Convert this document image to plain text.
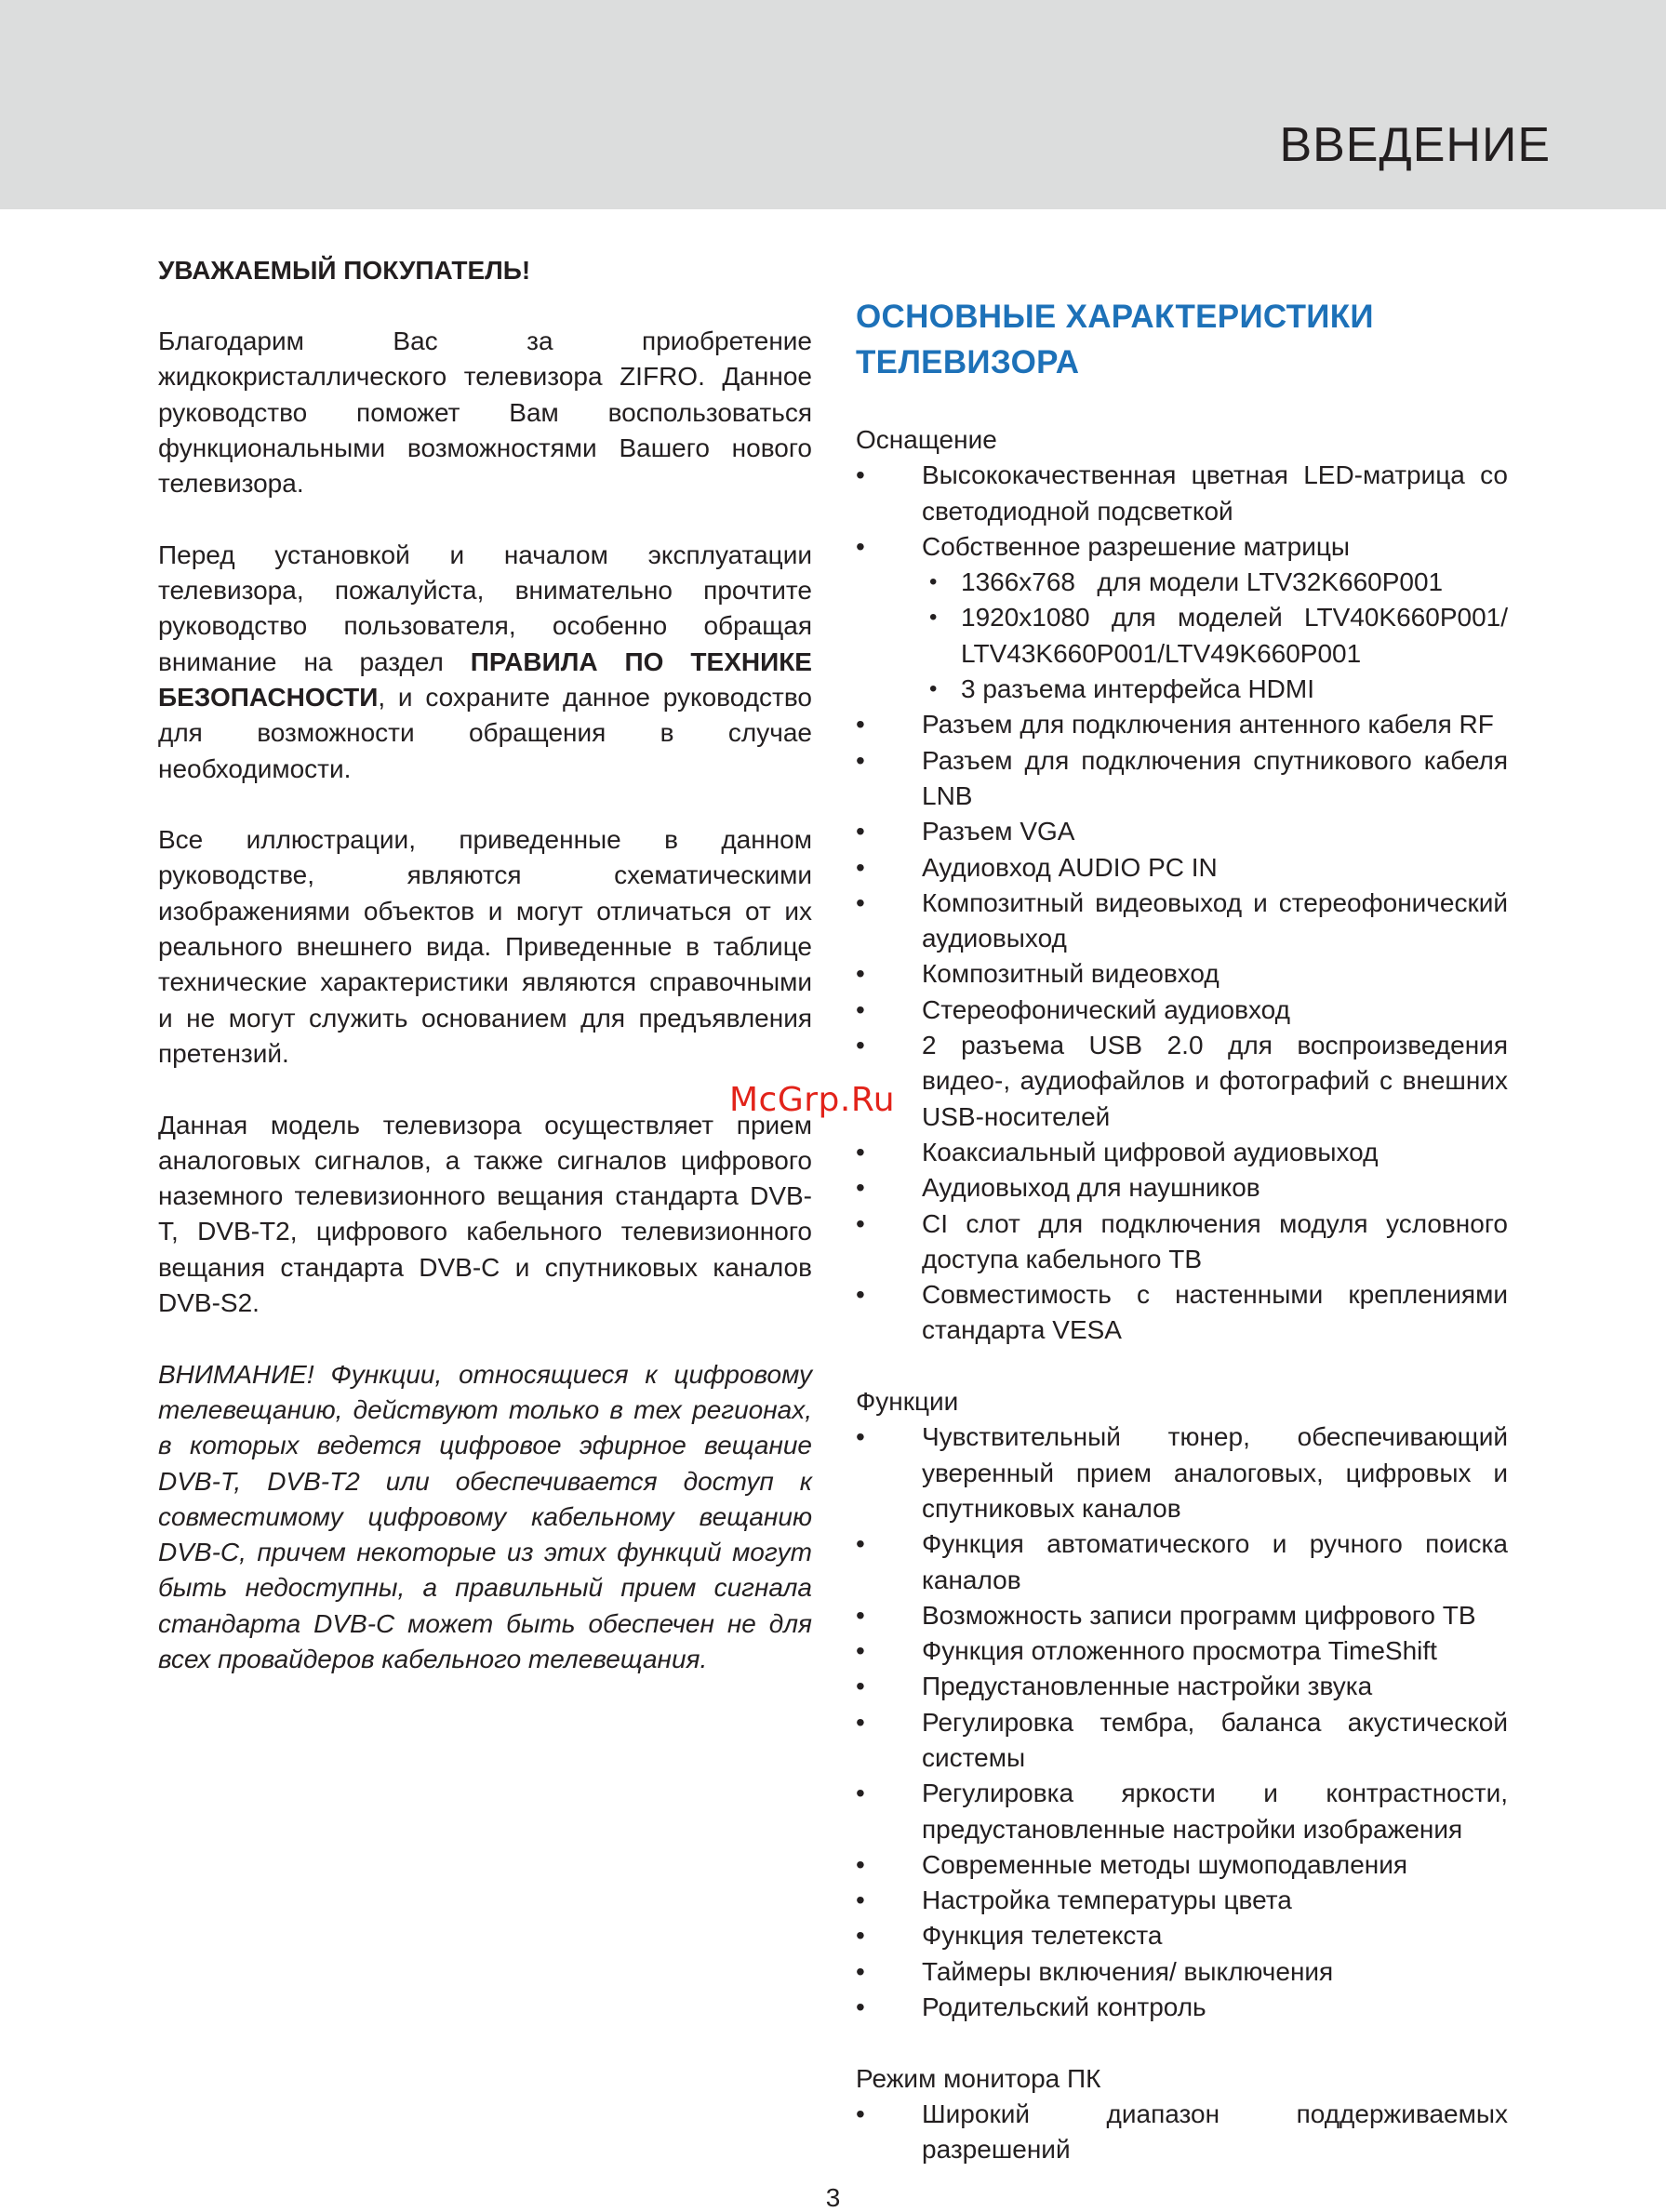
ВВЕДЕНИЕ

УВАЖАЕМЫЙ ПОКУПАТЕЛЬ!

Благодарим Вас за приобретение жидкокристаллического телевизора ZIFRO. Данное руководство поможет Вам воспользоваться функциональными возможностями Вашего нового телевизора.

Перед установкой и началом эксплуатации телевизора, пожалуйста, внимательно прочтите руководство пользователя, особенно обращая внимание на раздел ПРАВИЛА ПО ТЕХНИКЕ БЕЗОПАСНОСТИ, и сохраните данное руководство для возможности обращения в случае необходимости.

Все иллюстрации, приведенные в данном руководстве, являются схематическими изображениями объектов и могут отличаться от их реального внешнего вида. Приведенные в таблице технические характеристики являются справочными и не могут служить основанием для предъявления претензий.

Данная модель телевизора осуществляет прием аналоговых сигналов, а также сигналов цифрового наземного телевизионного вещания стандарта DVB-T, DVB-T2, цифрового кабельного телевизионного вещания стандарта DVB-C и спутниковых каналов DVB-S2.

ВНИМАНИЕ! Функции, относящиеся к цифровому телевещанию, действуют только в тех регионах, в которых ведется цифровое эфирное вещание DVB-T, DVB-T2 или обеспечивается доступ к совместимому цифровому кабельному вещанию DVB-C, причем некоторые из этих функций могут быть недоступны, а правильный прием сигнала стандарта DVB-C может быть обеспечен не для всех провайдеров кабельного телевещания.

ОСНОВНЫЕ ХАРАКТЕРИСТИКИ ТЕЛЕВИЗОРА

Оснащение

• Высококачественная цветная LED-матрица со светодиодной подсветкой
• Собственное разрешение матрицы
• 1366x768   для модели LTV32K660P001
• 1920x1080 для моделей LTV40K660P001/ LTV43K660P001/LTV49K660P001
• 3 разъема интерфейса HDMI
• Разъем для подключения антенного кабеля RF
• Разъем для подключения спутникового кабеля LNB
• Разъем VGA
• Аудиовход AUDIO PC IN
• Композитный видеовыход и стереофонический аудиовыход
• Композитный видеовход
• Стереофонический аудиовход
• 2 разъема USB 2.0 для воспроизведения видео-, аудиофайлов и фотографий с внешних USB-носителей
• Коаксиальный цифровой аудиовыход
• Аудиовыход для наушников
• CI слот для подключения модуля условного доступа кабельного ТВ
• Совместимость с настенными креплениями стандарта VESA

Функции

• Чувствительный тюнер, обеспечивающий уверенный прием аналоговых, цифровых и спутниковых каналов
• Функция автоматического и ручного поиска каналов
• Возможность записи программ цифрового ТВ
• Функция отложенного просмотра TimeShift
• Предустановленные настройки звука
• Регулировка тембра, баланса акустической системы
• Регулировка яркости и контрастности, предустановленные настройки изображения
• Современные методы шумоподавления
• Настройка температуры цвета
• Функция телетекста
• Таймеры включения/ выключения
• Родительский контроль

Режим монитора ПК

• Широкий диапазон поддерживаемых разрешений
McGrp.Ru
3
